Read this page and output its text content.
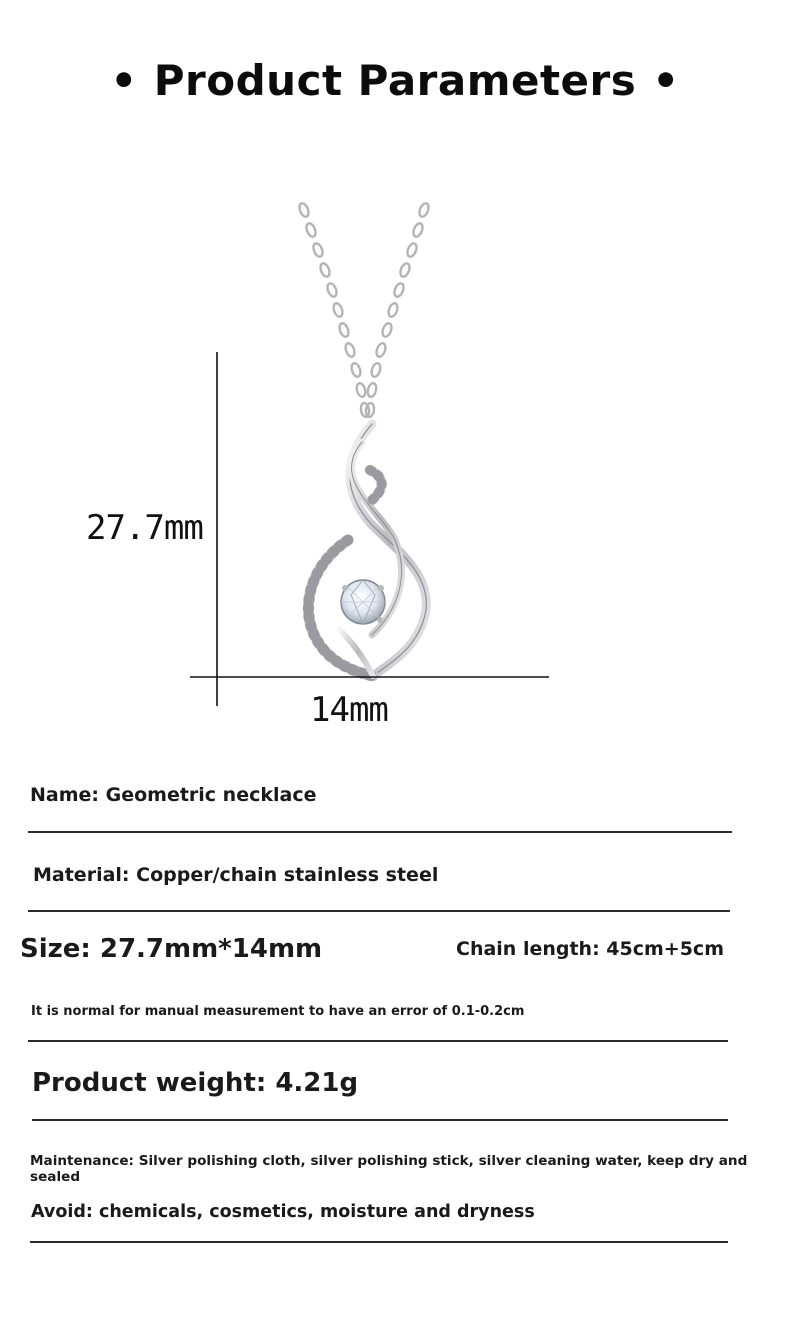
• Product Parameters •
27.7mm
14mm
Name: Geometric necklace
Material: Copper/chain stainless steel
Size: 27.7mm*14mm	Chain length: 45cm+5cm
It is normal for manual measurement to have an error of 0.1-0.2cm
Product weight: 4.21g
Maintenance: Silver polishing cloth, silver polishing stick, silver cleaning water, keep dry and sealed
Avoid: chemicals, cosmetics, moisture and dryness
